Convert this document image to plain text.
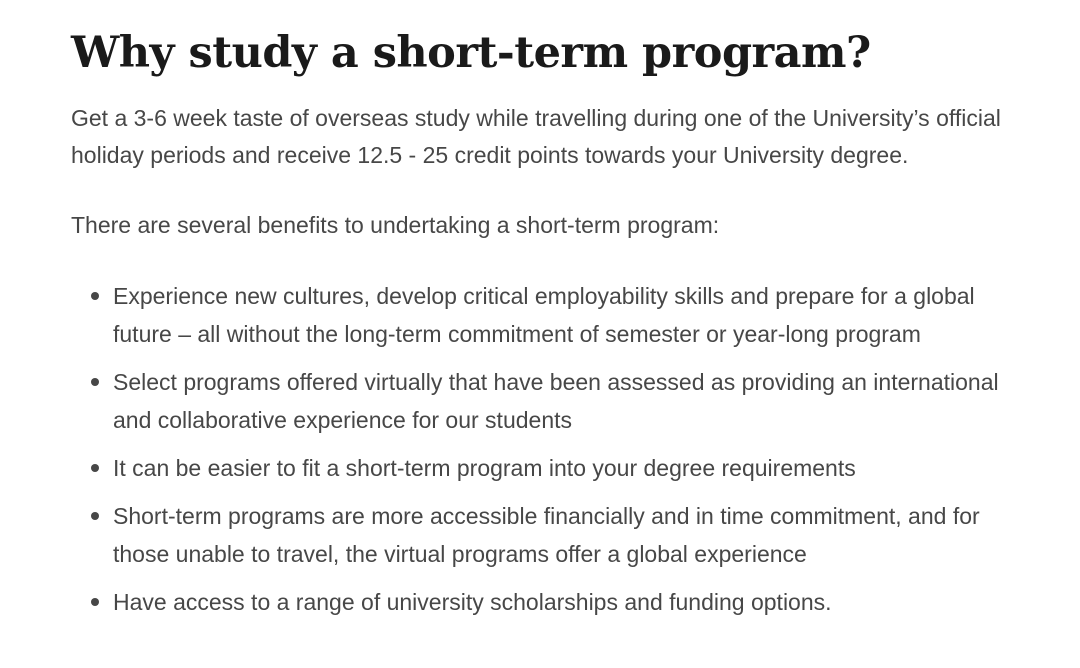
Why study a short-term program?

Get a 3-6 week taste of overseas study while travelling during one of the University’s official holiday periods and receive 12.5 - 25 credit points towards your University degree.

There are several benefits to undertaking a short-term program:

Experience new cultures, develop critical employability skills and prepare for a global future – all without the long-term commitment of semester or year-long program
Select programs offered virtually that have been assessed as providing an international and collaborative experience for our students
It can be easier to fit a short-term program into your degree requirements
Short-term programs are more accessible financially and in time commitment, and for those unable to travel, the virtual programs offer a global experience
Have access to a range of university scholarships and funding options.
